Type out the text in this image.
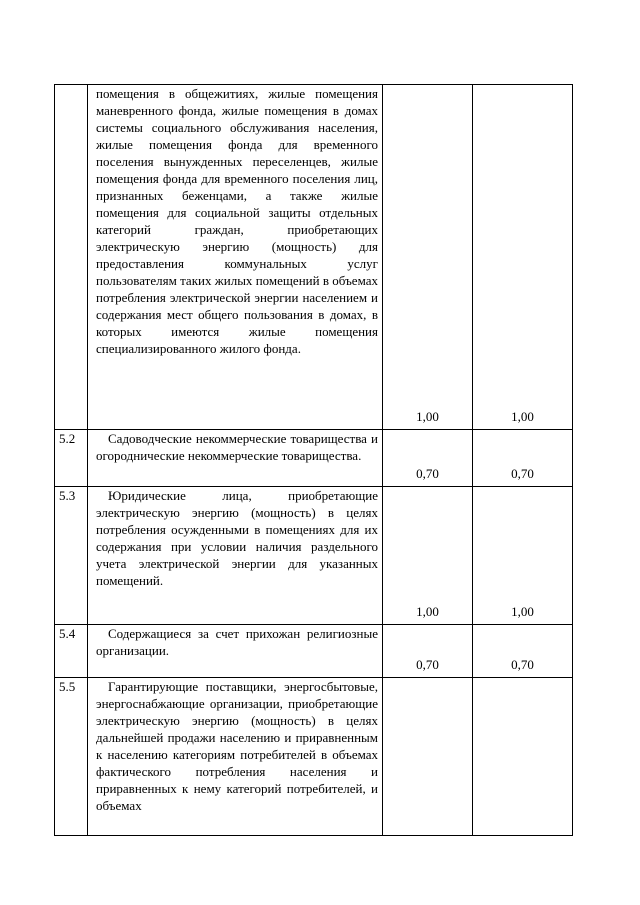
	помещения в общежитиях, жилые помещения маневренного фонда, жилые помещения в домах системы социального обслуживания населения, жилые помещения фонда для временного поселения вынужденных переселенцев, жилые помещения фонда для временного поселения лиц, признанных беженцами, а также жилые помещения для социальной защиты отдельных категорий граждан, приобретающих электрическую энергию (мощность) для предоставления коммунальных услуг пользователям таких жилых помещений в объемах потребления электрической энергии населением и содержания мест общего пользования в домах, в которых имеются жилые помещения специализированного жилого фонда.	1,00	1,00
5.2	Садоводческие некоммерческие товарищества и огороднические некоммерческие товарищества.	0,70	0,70
5.3	Юридические лица, приобретающие электрическую энергию (мощность) в целях потребления осужденными в помещениях для их содержания при условии наличия раздельного учета электрической энергии для указанных помещений.	1,00	1,00
5.4	Содержащиеся за счет прихожан религиозные организации.	0,70	0,70
5.5	Гарантирующие поставщики, энергосбытовые, энергоснабжающие организации, приобретающие электрическую энергию (мощность) в целях дальнейшей продажи населению и приравненным к населению категориям потребителей в объемах фактического потребления населения и приравненных к нему категорий потребителей, и объемах		
